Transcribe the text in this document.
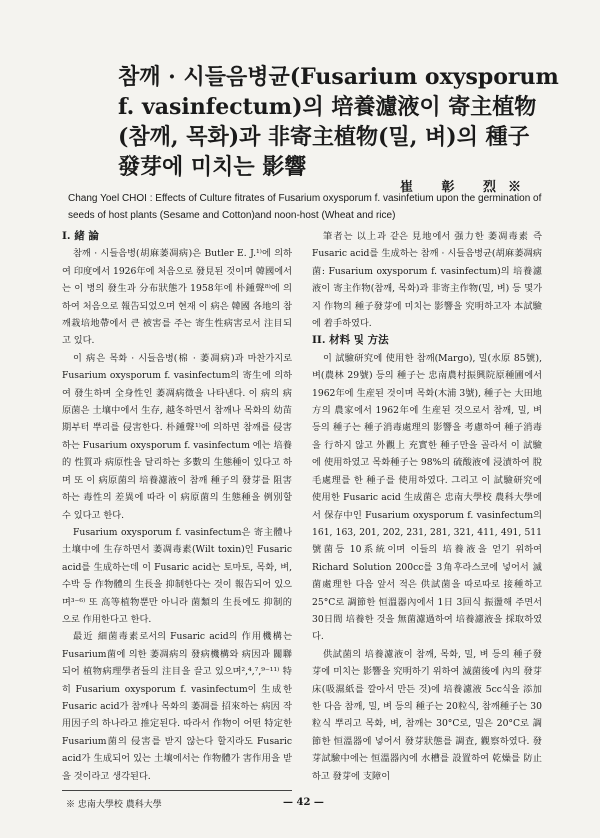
참깨 · 시들음병균(Fusarium oxysporum
f. vasinfectum)의 培養濾液이 寄主植物
(참깨, 목화)과 非寄主植物(밀, 벼)의 種子
發芽에 미치는 影響
崔 彰 烈※
Chang Yoel CHOI : Effects of Culture fitrates of Fusarium oxysporum f. vasinfetium upon the germination of seeds of host plants (Sesame and Cotton)and noon-host (Wheat and rice)

I. 緒 論

참깨 · 시들음병(胡麻萎凋病)은 Butler E. J.¹⁾에 의하여 印度에서 1926年에 처음으로 發見된 것이며 韓國에서는 이 병의 發生과 分布狀態가 1958年에 朴鍾聲⁸⁾에 의하여 처음으로 報告되었으며 현재 이 病은 韓國 各地의 참깨栽培地帶에서 큰 被害를 주는 寄生性病害로서 注目되고 있다.

이 病은 목화 · 시들음병(棉 · 萎凋病)과 마찬가지로 Fusarium oxysporum f. vasinfectum의 寄生에 의하여 發生하며 全身性인 萎凋病徵을 나타낸다. 이 病의 病原菌은 土壤中에서 生存, 越冬하면서 참깨나 목화의 幼苗期부터 뿌리를 侵害한다. 朴鍾聲¹⁾에 의하면 참깨를 侵害하는 Fusarium oxysporum f. vasinfectum 에는 培養的 性質과 病原性을 달리하는 多數의 生態種이 있다고 하며 또 이 病原菌의 培養濾液이 참깨 種子의 發芽를 阻害하는 毒性의 差異에 따라 이 病原菌의 生態種을 例別할 수 있다고 한다.

Fusarium oxysporum f. vasinfectum은 寄主體나 土壤中에 生存하면서 萎凋毒素(Wilt toxin)인 Fusaric acid를 生成하는데 이 Fusaric acid는 토마토, 목화, 벼, 수박 등 作物體의 生長을 抑制한다는 것이 報告되어 있으며³⁻⁶⁾ 또 高等植物뿐만 아니라 菌類의 生長에도 抑制的으로 作用한다고 한다.

最近 細菌毒素로서의 Fusaric acid의 作用機構는 Fusarium菌에 의한 萎凋病의 發病機構와 病因과 關聯되어 植物病理學者들의 注目을 끌고 있으며²,⁴,⁷,⁹⁻¹¹⁾ 特히 Fusarium oxysporum f. vasinfectum이 生成한 Fusaric acid가 참깨나 목화의 萎凋를 招來하는 病因 작用因子의 하나라고 推定된다. 따라서 作物이 어떤 特定한 Fusarium菌의 侵害를 받지 않는다 할지라도 Fusaric acid가 生成되어 있는 土壤에서는 作物體가 害作用을 받을 것이라고 생각된다.

筆者는 以上과 같은 見地에서 强力한 萎凋毒素 즉 Fusaric acid를 生成하는 참깨 · 시들음병균(胡麻萎凋病菌: Fusarium oxysporum f. vasinfectum)의 培養濾液이 寄主作物(참깨, 목화)과 非寄主作物(밀, 벼) 등 몇가지 作物의 種子發芽에 미치는 影響을 究明하고자 本試驗에 着手하였다.

II. 材料 및 方法

이 試驗研究에 使用한 참깨(Margo), 밀(水原 85號), 벼(農林 29號) 등의 種子는 忠南農村振興院原種圃에서 1962年에 生産된 것이며 목화(木浦 3號), 種子는 大田地方의 農家에서 1962年에 生産된 것으로서 참깨, 밀, 벼 등의 種子는 種子消毒處理의 影響을 考慮하여 種子消毒을 行하지 않고 外觀上 充實한 種子만을 골라서 이 試驗에 使用하였고 목화種子는 98%의 硫酸液에 浸漬하여 脫毛處理를 한 種子를 使用하였다. 그리고 이 試驗研究에 使用한 Fusaric acid 生成菌은 忠南大學校 農科大學에서 保存中인 Fusarium oxysporum f. vasinfectum의 161, 163, 201, 202, 231, 281, 321, 411, 491, 511號菌등 10系統이며 이들의 培養液을 얻기 위하여 Richard Solution 200cc를 3角후라스코에 넣어서 滅菌處理한 다음 앞서 적은 供試菌을 따로따로 接種하고 25°C로 調節한 恒溫器內에서 1日 3回식 振盪해 주면서 30日間 培養한 것을 無菌濾過하여 培養濾液을 採取하였다.

供試菌의 培養濾液이 참깨, 목화, 밀, 벼 등의 種子發芽에 미치는 影響을 究明하기 위하여 滅菌後에 內의 發芽床(吸濕紙를 깔아서 만든 것)에 培養濾液 5cc식을 添加한 다음 참깨, 밀, 벼 등의 種子는 20粒식, 참깨種子는 30粒식 뿌리고 목화, 벼, 참깨는 30°C로, 밀은 20°C로 調節한 恒溫器에 넣어서 發芽狀態를 調査, 觀察하였다. 發芽試驗中에는 恒溫器內에 水槽를 設置하여 乾燥를 防止하고 發芽에 支障이

※ 忠南大學校 農科大學	— 42 —
